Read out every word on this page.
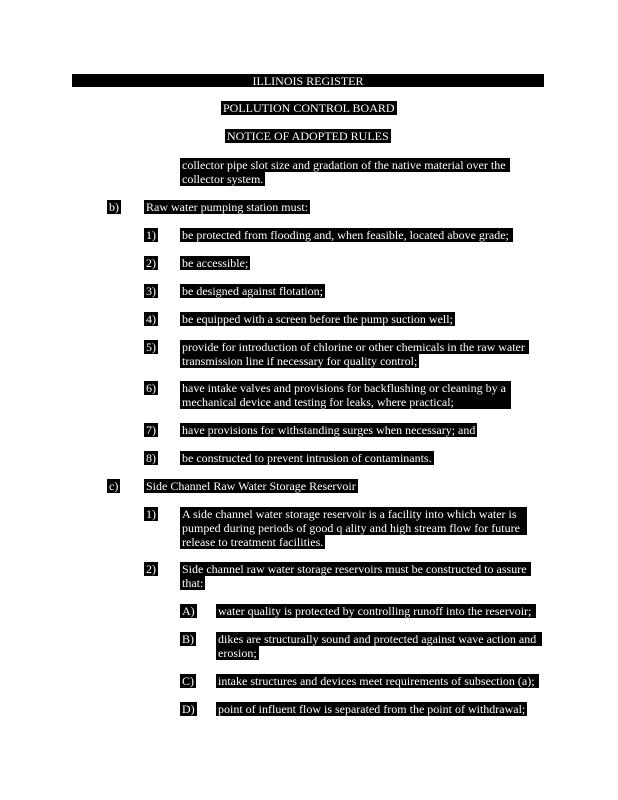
ILLINOIS REGISTER
POLLUTION CONTROL BOARD
NOTICE OF ADOPTED RULES
collector pipe slot size and gradation of the native material over the
collector system.
b) Raw water pumping station must:
1) be protected from flooding and, when feasible, located above grade;
2) be accessible;
3) be designed against flotation;
4) be equipped with a screen before the pump suction well;
5) provide for introduction of chlorine or other chemicals in the raw water
transmission line if necessary for quality control;
6) have intake valves and provisions for backflushing or cleaning by a
mechanical device and testing for leaks, where practical;
7) have provisions for withstanding surges when necessary; and
8) be constructed to prevent intrusion of contaminants.
c) Side Channel Raw Water Storage Reservoir
1) A side channel water storage reservoir is a facility into which water is
pumped during periods of good q ality and high stream flow for future
release to treatment facilities.
2) Side channel raw water storage reservoirs must be constructed to assure
that:
A) water quality is protected by controlling runoff into the reservoir;
B) dikes are structurally sound and protected against wave action and
erosion;
C) intake structures and devices meet requirements of subsection (a);
D) point of influent flow is separated from the point of withdrawal;
